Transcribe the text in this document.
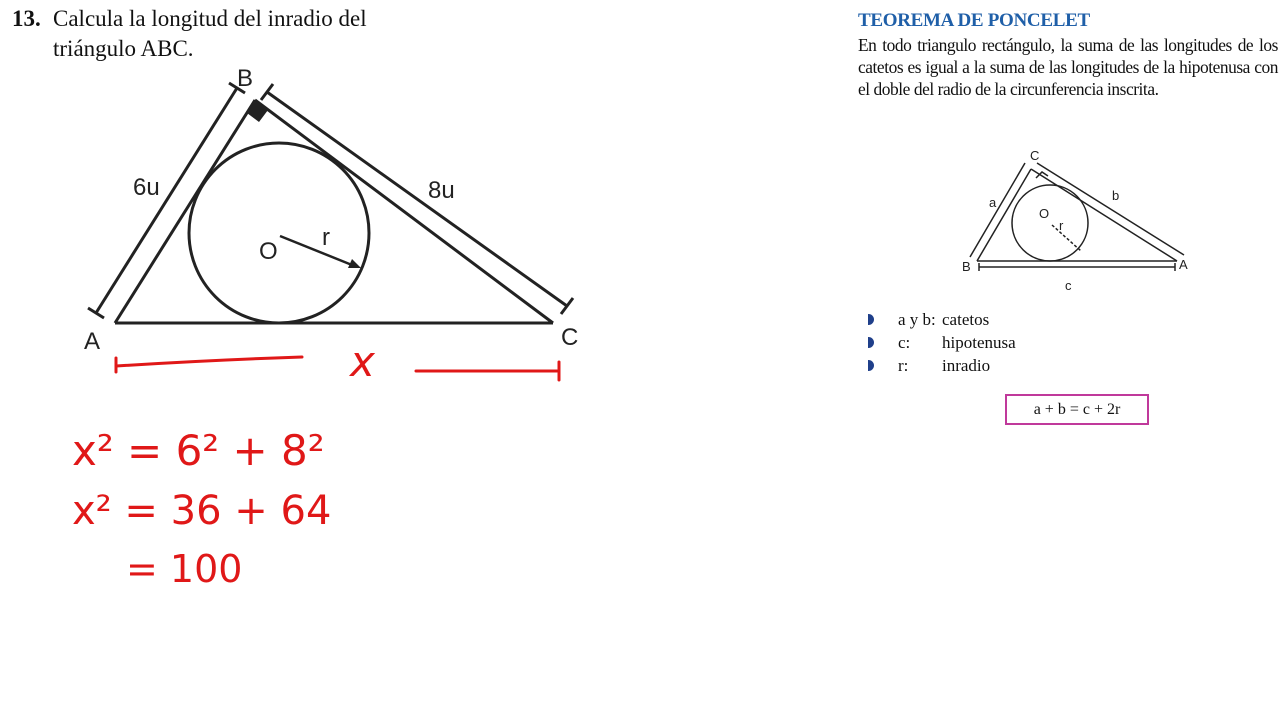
13. Calcula la longitud del inradio del
triángulo ABC.
B
A	C
6u	8u
O
r
x
x² = 6² + 8²
x² = 36 + 64
= 100
C
B	A
a	b
c
O
r
TEOREMA DE PONCELET

En todo triangulo rectángulo, la suma de las longitudes de los catetos es igual a la suma de las longitudes de la hipotenusa con el doble del radio de la circunferencia inscrita.

a y b: catetos
c:	hipotenusa
r:	inradio
a + b = c + 2r
